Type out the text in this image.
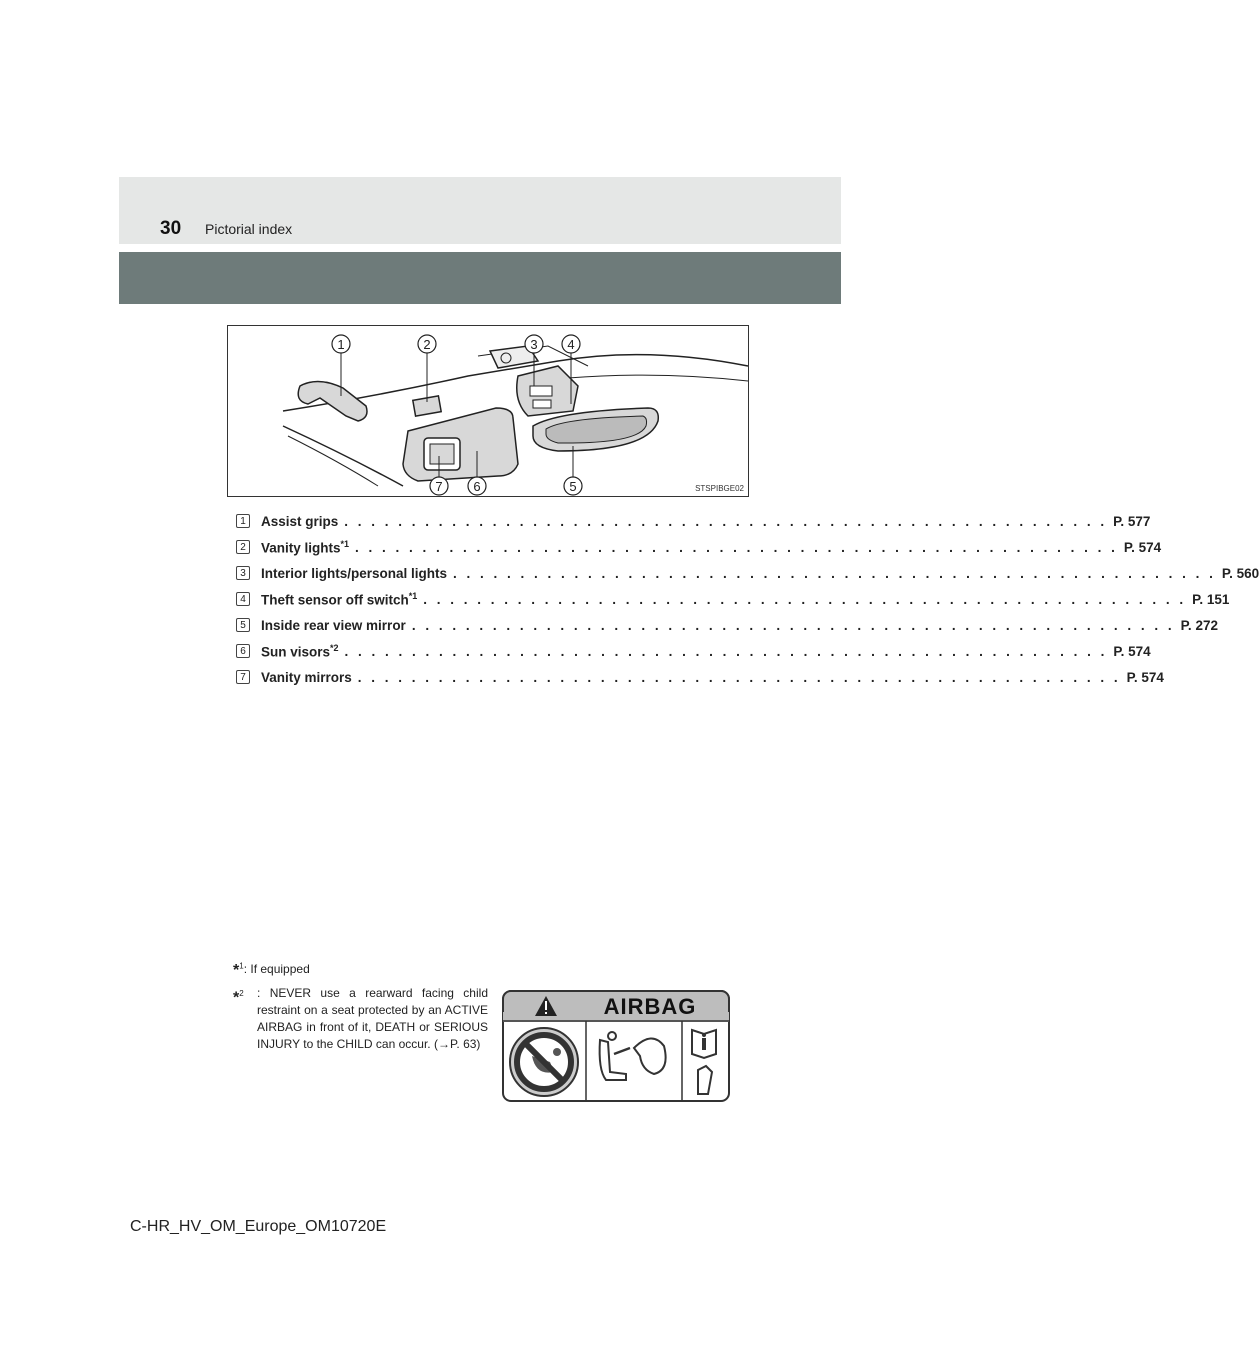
30 Pictorial index
1	2	3 4
5
6
7	STSPIBGE02
1	Assist grips . . . . . . . . . . . . . . . . . . . . . . . . . . . . . . . . . . . . . . . . . . . . . . . . . . . . . . . . . P. 577
2	Vanity lights$^{*1}$ . . . . . . . . . . . . . . . . . . . . . . . . . . . . . . . . . . . . . . . . . . . . . . . . . . . . . . . . . P. 574
3	Interior lights/personal lights . . . . . . . . . . . . . . . . . . . . . . . . . . . . . . . . . . . . . . . . . . . . . . . . . . . . . . . . . P. 560
4	Theft sensor off switch$^{*1}$ . . . . . . . . . . . . . . . . . . . . . . . . . . . . . . . . . . . . . . . . . . . . . . . . . . . . . . . . . P. 151
5	Inside rear view mirror . . . . . . . . . . . . . . . . . . . . . . . . . . . . . . . . . . . . . . . . . . . . . . . . . . . . . . . . . P. 272
6	Sun visors$^{*2}$ . . . . . . . . . . . . . . . . . . . . . . . . . . . . . . . . . . . . . . . . . . . . . . . . . . . . . . . . . P. 574
7	Vanity mirrors . . . . . . . . . . . . . . . . . . . . . . . . . . . . . . . . . . . . . . . . . . . . . . . . . . . . . . . . . P. 574
*$^1$: If equipped
*$^2$ : NEVER use a rearward facing child restraint on a seat protected by an ACTIVE AIRBAG in front of it, DEATH or SERIOUS INJURY to the CHILD can occur. (→P. 63)
AIRBAG
C-HR_HV_OM_Europe_OM10720E
